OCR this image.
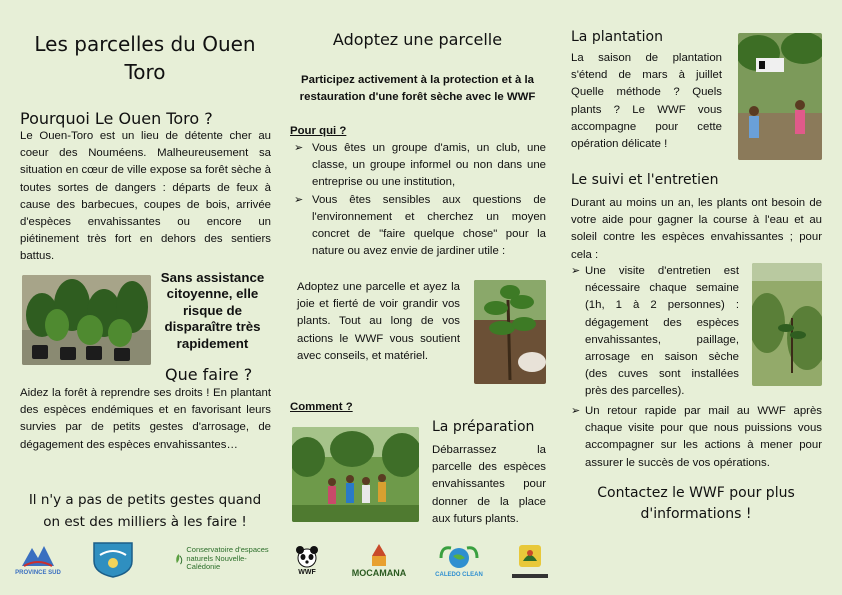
Les parcelles du Ouen Toro
Pourquoi Le Ouen Toro ?
Le Ouen-Toro est un lieu de détente cher au coeur des Nouméens. Malheureusement sa situation en cœur de ville expose sa forêt sèche à toutes sortes de dangers : départs de feux à cause des barbecues, coupes de bois, arrivée d'espèces envahissantes ou encore un piétinement très fort en dehors des sentiers battus.
Sans assistance citoyenne, elle risque de disparaître très rapidement
Que faire ?
Aidez la forêt à reprendre ses droits ! En plantant des espèces endémiques et en favorisant leurs survies par de petits gestes d'arrosage, de dégagement des espèces envahissantes…
Il n'y a pas de petits gestes quand on est des milliers à les faire !
Adoptez une parcelle
Participez activement à la protection et à la restauration d'une forêt sèche avec le WWF
Pour qui ?
➢ Vous êtes un groupe d'amis, un club, une classe, un groupe informel ou non dans une entreprise ou une institution,
➢ Vous êtes sensibles aux questions de l'environnement et cherchez un moyen concret de "faire quelque chose" pour la nature ou avez envie de jardiner utile :
Adoptez une parcelle et ayez la joie et fierté de voir grandir vos plants. Tout au long de vos actions le WWF vous soutient avec conseils, et matériel.
Comment ?
La préparation
Débarrassez la parcelle des espèces envahissantes pour donner de la place aux futurs plants.
La plantation
La saison de plantation s'étend de mars à juillet Quelle méthode ? Quels plants ? Le WWF vous accompagne pour cette opération délicate !
Le suivi et l'entretien
Durant au moins un an, les plants ont besoin de votre aide pour gagner la course à l'eau et au soleil contre les espèces envahissantes ; pour cela :
➢ Une visite d'entretien est nécessaire chaque semaine (1h, 1 à 2 personnes) : dégagement des espèces envahissantes, paillage, arrosage en saison sèche (des cuves sont installées près des parcelles).
➢ Un retour rapide par mail au WWF après chaque visite pour que nous puissions vous accompagner sur les actions à mener pour assurer le succès de vos opérations.
Contactez le WWF pour plus d'informations !
PROVINCE SUD
Conservatoire d'espaces naturels Nouvelle-Calédonie
WWF	MOCAMANA	CALEDO CLEAN
